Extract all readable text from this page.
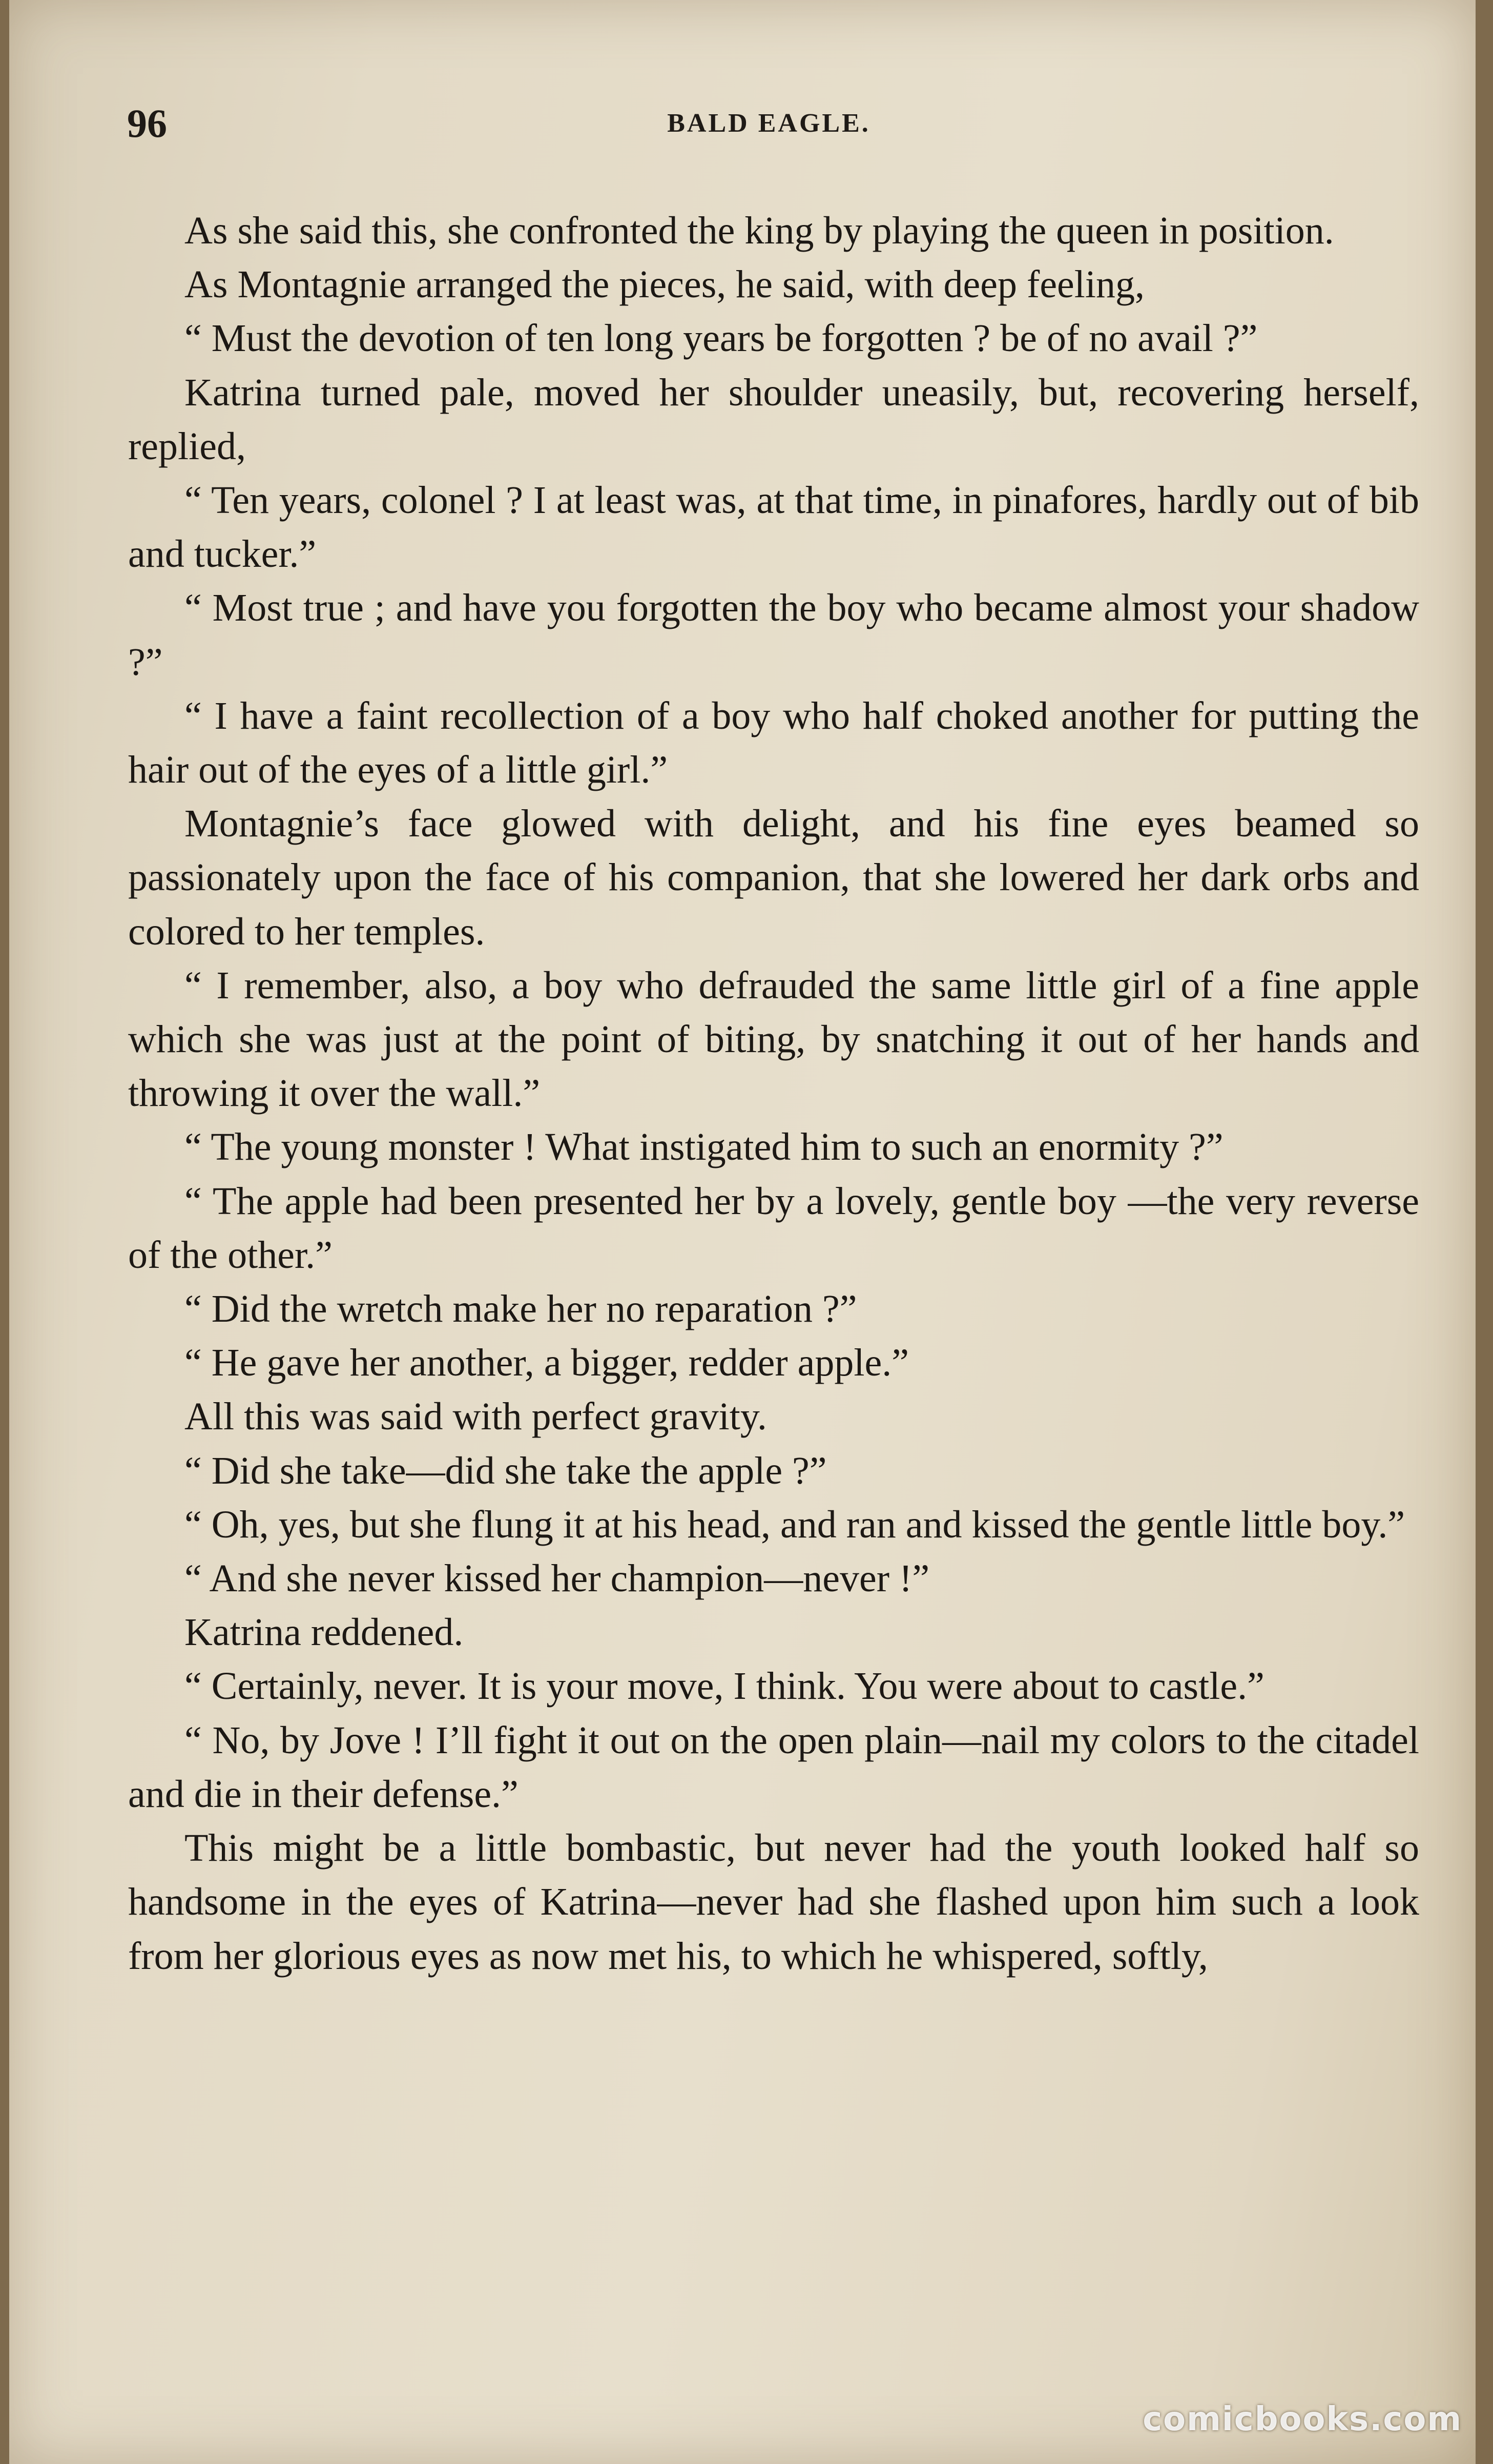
96	BALD EAGLE.

As she said this, she confronted the king by playing the queen in position.

As Montagnie arranged the pieces, he said, with deep feeling,

“ Must the devotion of ten long years be forgotten ? be of no avail ?”

Katrina turned pale, moved her shoulder uneasily, but, recovering herself, replied,

“ Ten years, colonel ? I at least was, at that time, in pinafores, hardly out of bib and tucker.”

“ Most true ; and have you forgotten the boy who became almost your shadow ?”

“ I have a faint recollection of a boy who half choked another for putting the hair out of the eyes of a little girl.”

Montagnie’s face glowed with delight, and his fine eyes beamed so passionately upon the face of his companion, that she lowered her dark orbs and colored to her temples.

“ I remember, also, a boy who defrauded the same little girl of a fine apple which she was just at the point of biting, by snatching it out of her hands and throwing it over the wall.”

“ The young monster ! What instigated him to such an enormity ?”

“ The apple had been presented her by a lovely, gentle boy —the very reverse of the other.”

“ Did the wretch make her no reparation ?”

“ He gave her another, a bigger, redder apple.”

All this was said with perfect gravity.

“ Did she take—did she take the apple ?”

“ Oh, yes, but she flung it at his head, and ran and kissed the gentle little boy.”

“ And she never kissed her champion—never !”

Katrina reddened.

“ Certainly, never. It is your move, I think. You were about to castle.”

“ No, by Jove ! I’ll fight it out on the open plain—nail my colors to the citadel and die in their defense.”

This might be a little bombastic, but never had the youth looked half so handsome in the eyes of Katrina—never had she flashed upon him such a look from her glorious eyes as now met his, to which he whispered, softly,

comicbooks.com
